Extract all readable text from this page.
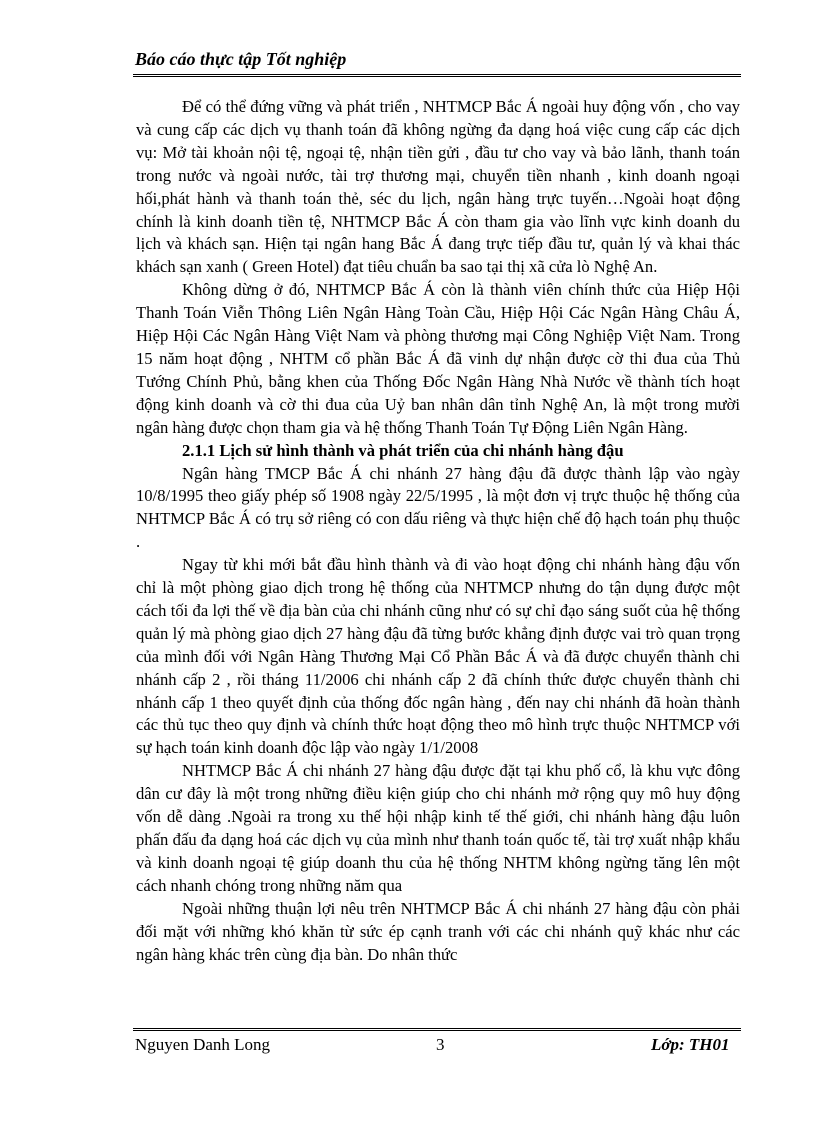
Báo cáo thực tập Tốt nghiệp

Để có thể đứng vững và phát triển , NHTMCP Bắc Á ngoài huy động vốn , cho vay và cung cấp các dịch vụ thanh toán đã không ngừng đa dạng hoá việc cung cấp các dịch vụ: Mở tài khoản nội tệ, ngoại tệ, nhận tiền gửi , đầu tư cho vay và bảo lãnh, thanh toán trong nước và ngoài nước, tài trợ thương mại, chuyển tiền nhanh , kinh doanh ngoại hối,phát hành và thanh toán thẻ, séc du lịch, ngân hàng trực tuyến…Ngoài hoạt động chính là kinh doanh tiền tệ, NHTMCP Bắc Á còn tham gia vào lĩnh vực kinh doanh du lịch và khách sạn. Hiện tại ngân hang Bắc Á đang trực tiếp đầu tư, quản lý và khai thác khách sạn xanh ( Green Hotel) đạt tiêu chuẩn ba sao tại thị xã cửa lò Nghệ An.

Không dừng ở đó, NHTMCP Bắc Á còn là thành viên chính thức của Hiệp Hội Thanh Toán Viễn Thông Liên Ngân Hàng Toàn Cầu, Hiệp Hội Các Ngân Hàng Châu Á, Hiệp Hội Các Ngân Hàng Việt Nam và phòng thương mại Công Nghiệp Việt Nam. Trong 15 năm hoạt động , NHTM cổ phần Bắc Á đã vinh dự nhận được cờ thi đua của Thủ Tướng Chính Phủ, bằng khen của Thống Đốc Ngân Hàng Nhà Nước về thành tích hoạt động kinh doanh và cờ thi đua của Uỷ ban nhân dân tỉnh Nghệ An, là một trong mười ngân hàng được chọn tham gia và hệ thống Thanh Toán Tự Động Liên Ngân Hàng.

2.1.1 Lịch sử hình thành và phát triển của chi nhánh hàng đậu

Ngân hàng TMCP Bắc Á chi nhánh 27 hàng đậu đã được thành lập vào ngày 10/8/1995 theo giấy phép số 1908 ngày 22/5/1995 , là một đơn vị trực thuộc hệ thống của NHTMCP Bắc Á có trụ sở riêng có con dấu riêng và thực hiện chế độ hạch toán phụ thuộc .

Ngay từ khi mới bắt đầu hình thành và đi vào hoạt động chi nhánh hàng đậu vốn chỉ là một phòng giao dịch trong hệ thống của NHTMCP nhưng do tận dụng được một cách tối đa lợi thế về địa bàn của chi nhánh cũng như có sự chỉ đạo sáng suốt của hệ thống quản lý mà phòng giao dịch 27 hàng đậu đã từng bước khẳng định được vai trò quan trọng của mình đối với Ngân Hàng Thương Mại Cổ Phần Bắc Á và đã được chuyển thành chi nhánh cấp 2 , rồi tháng 11/2006 chi nhánh cấp 2 đã chính thức được chuyển thành chi nhánh cấp 1 theo quyết định của thống đốc ngân hàng , đến nay chi nhánh đã hoàn thành các thủ tục theo quy định và chính thức hoạt động theo mô hình trực thuộc NHTMCP với sự hạch toán kinh doanh độc lập vào ngày 1/1/2008

NHTMCP Bắc Á chi nhánh 27 hàng đậu được đặt tại khu phố cổ, là khu vực đông dân cư đây là một trong những điều kiện giúp cho chi nhánh mở rộng quy mô huy động vốn dễ dàng .Ngoài ra trong xu thế hội nhập kinh tế thế giới, chi nhánh hàng đậu luôn phấn đấu đa dạng hoá các dịch vụ của mình như thanh toán quốc tế, tài trợ xuất nhập khẩu và kinh doanh ngoại tệ giúp doanh thu của hệ thống NHTM không ngừng tăng lên một cách nhanh chóng trong những năm qua

Ngoài những thuận lợi nêu trên NHTMCP Bắc Á chi nhánh 27 hàng đậu còn phải đối mặt với những khó khăn từ sức ép cạnh tranh với các chi nhánh quỹ khác như các ngân hàng khác trên cùng địa bàn. Do nhân thức

Nguyen Danh Long	3	Lớp: TH01
